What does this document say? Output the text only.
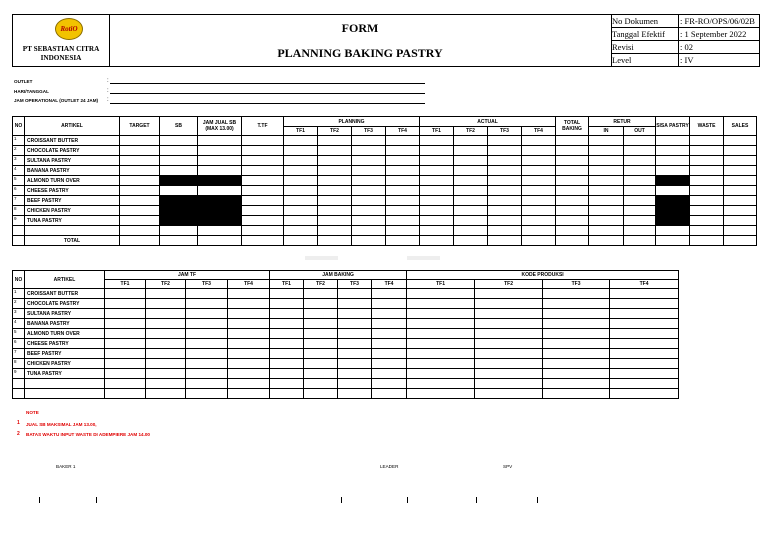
RotiO
PT SEBASTIAN CITRA
INDONESIA
FORM
PLANNING BAKING PASTRY
No Dokumen	: FR-RO/OPS/06/02B
Tanggal Efektif : 1 September 2022
Revisi	: 02
Level	: IV
OUTLET	:
HARI/TANGGAL	:
JAM OPERATIONAL (OUTLET 24 JAM) :
NO	ARTIKEL	TARGET	SB	JAM JUAL SB (MAX 13.00)	T.TF	PLANNING				ACTUAL				TOTAL BAKING	RETUR		SISA PASTRY	WASTE	SALES
						TF1	TF2	TF3	TF4	TF1	TF2	TF3	TF4		IN	OUT			
1	CROISSANT BUTTER																		
2	CHOCOLATE PASTRY																		
3	SULTANA PASTRY																		
4	BANANA PASTRY																		
5	ALMOND TURN OVER																		
6	CHEESE PASTRY																		
7	BEEF PASTRY																		
8	CHICKEN PASTRY																		
9	TUNA PASTRY																		

	TOTAL																		
NO	ARTIKEL	JAM TF				JAM BAKING				KODE PRODUKSI			
		TF1	TF2	TF3	TF4	TF1	TF2	TF3	TF4	TF1	TF2	TF3	TF4
1	CROISSANT BUTTER												
2	CHOCOLATE PASTRY												
3	SULTANA PASTRY												
4	BANANA PASTRY												
5	ALMOND TURN OVER												
6	CHEESE PASTRY												
7	BEEF PASTRY												
8	CHICKEN PASTRY												
9	TUNA PASTRY												

NOTE
1 JUAL SB MAKSIMAL JAM 13.00,
2 BATAS WAKTU INPUT WASTE DI ADEMPIERE JAM 14.00
BAKER 1	LEADER	SPV
